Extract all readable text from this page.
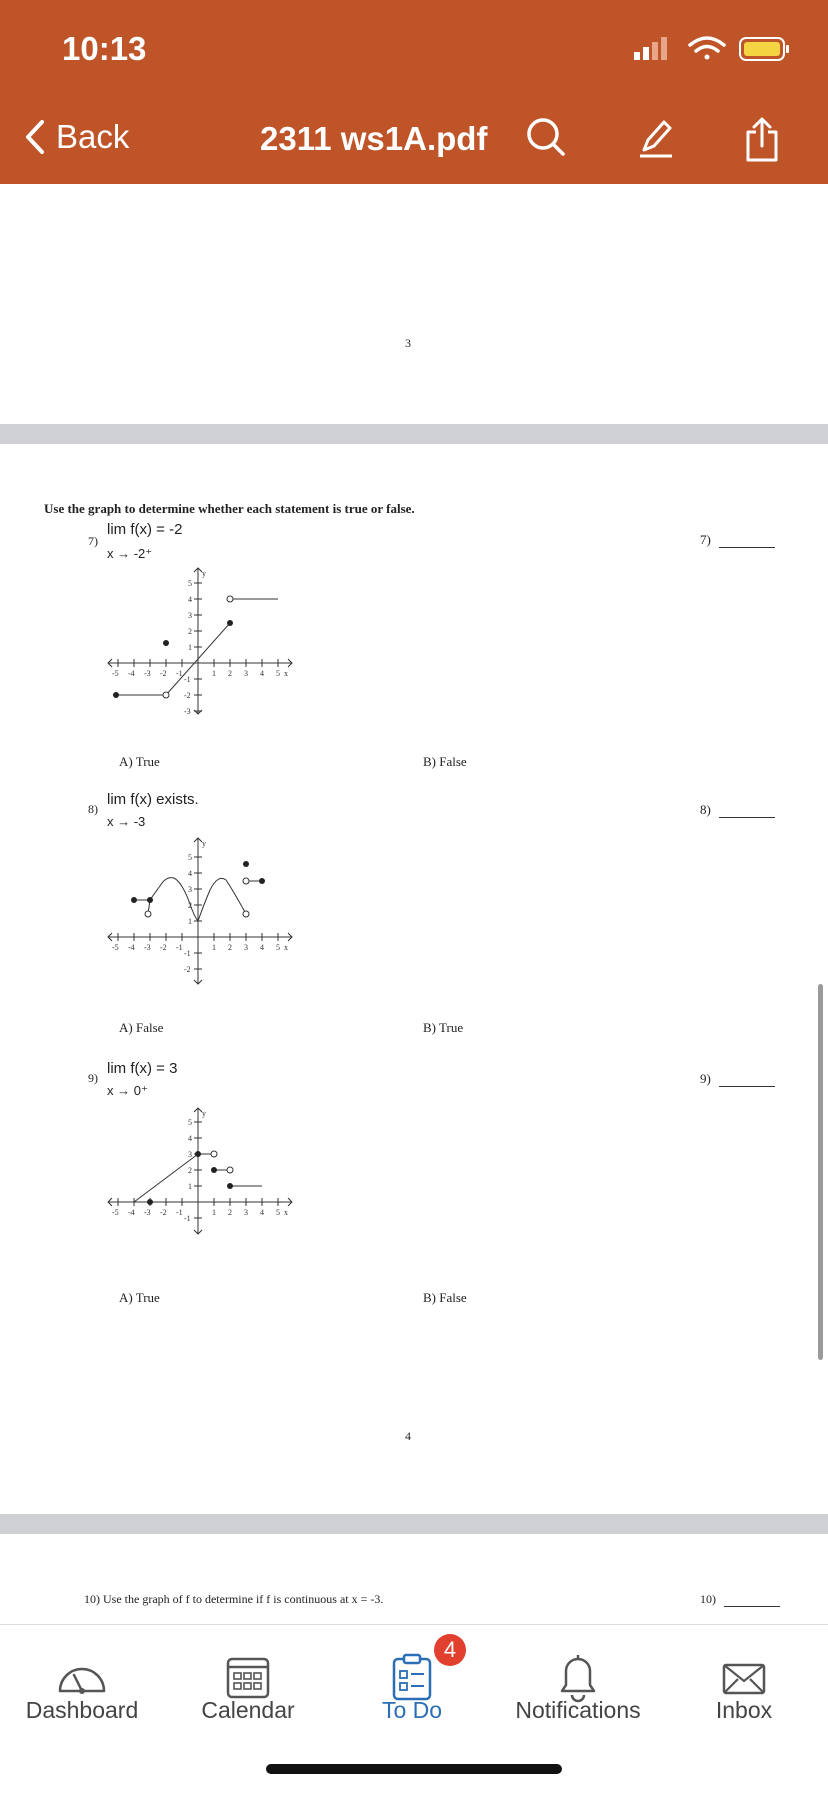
10:13
Back	2311 ws1A.pdf
3
Use the graph to determine whether each statement is true or false.
7)
lim f(x) = -2
x → -2⁺
7)
-5 -4 -3 -2 -1	1 2 3 4 5 x
5
4
3
2
1
-1
-2
-3
y
A) True	B) False
8)
lim f(x) exists.
x → -3
8)
-5 -4 -3 -2 -1	1 2 3 4 5 x
5
4
3
2
1
-1
-2
y
A) False	B) True
9)
lim f(x) = 3
x → 0⁺
9)
-5 -4 -3 -2 -1	1 2 3 4 5 x
5
4
3
2
1
-1
y
A) True	B) False
4
10) Use the graph of f to determine if f is continuous at x = -3.	10)
Dashboard	Calendar	To Do	Notifications	Inbox
4
